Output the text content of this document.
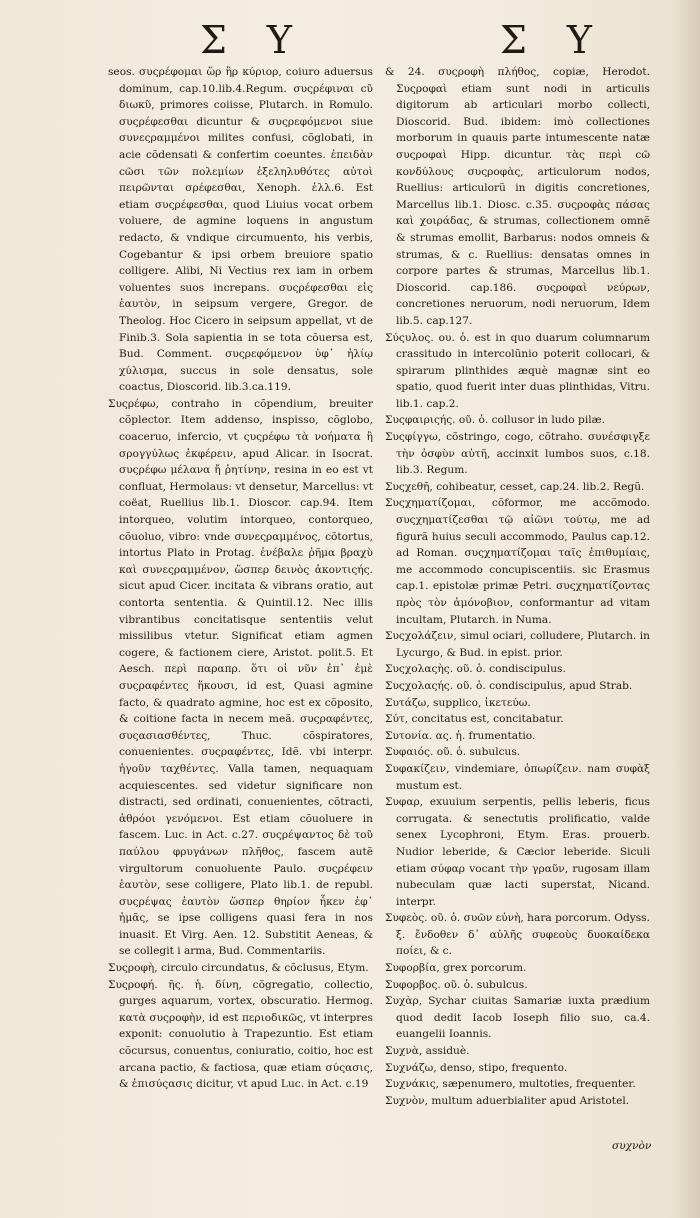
Σ Υ	Σ Υ

seos. συςρέφομαι ὥρ ἢρ κύριορ, coiuro aduersus dominum, cap.10.lib.4.Regum. συςρέφιναι cῦ διωκῦ, primores coiisse, Plutarch. in Romulo. συςρέφεσθαι dicuntur & συςρεφόμενοι siue συνεςραμμένοι milites confusi, cõglobati, in acie cõdensati & confertim coeuntes. ἐπειδὰν cῶσι τῶν πολεμίων ἐξεληλυθότες αὐτοὶ πειρῶνται σρέφεσθαι, Xenoph. ἑλλ.6. Est etiam συςρέφεσθαι, quod Liuius vocat orbem voluere, de agmine loquens in angustum redacto, & vndique circumuento, his verbis, Cogebantur & ipsi orbem breuiore spatio colligere. Alibi, Ni Vectius rex iam in orbem voluentes suos increpans. συςρέφεσθαι εἰς ἑαυτὸν, in seipsum vergere, Gregor. de Theolog. Hoc Cicero in seipsum appellat, vt de Finib.3. Sola sapientia in se tota cõuersa est, Bud. Comment. συςρεφόμενον ὑφ᾽ ἡλίῳ χύλισμα, succus in sole densatus, sole coactus, Dioscorid. lib.3.ca.119.

Συςρέφω, contraho in cõpendium, breuiter cõplector. Item addenso, inspisso, cõglobo, coaceruo, infercio, vt ςυςρέφω τὰ νοήματα ἢ σρογγύλως ἐκφέρειν, apud Alicar. in Isocrat. συςρέφω μέλανα ἤ ῥητίνην, resina in eo est vt confluat, Hermolaus: vt densetur, Marcellus: vt coëat, Ruellius lib.1. Dioscor. cap.94. Item intorqueo, volutim intorqueo, contorqueo, cõuoluo, vibro: vnde συνεςραμμένος, cõtortus, intortus Plato in Protag. ἐνέβαλε ῥῆμα βραχὺ καὶ συνεςραμμένον, ὥσπερ δεινὸς ἀκοντιςής. sicut apud Cicer. incitata & vibrans oratio, aut contorta sententia. & Quintil.12. Nec illis vibrantibus concitatisque sententiis velut missilibus vtetur. Significat etiam agmen cogere, & factionem ciere, Aristot. polit.5. Et Aesch. περὶ παραπρ. ὅτι οἱ νῦν ἐπ᾽ ἐμὲ συςραφέντες ἥκουσι, id est, Quasi agmine facto, & quadrato agmine, hoc est ex cõposito, & coitione facta in necem meã. συςραφέντες, συςασιασθέντες, Thuc. cõspiratores, conuenientes. συςραφέντες, Idẽ. vbi interpr. ἡγοῦν ταχθέντες. Valla tamen, nequaquam acquiescentes. sed videtur significare non distracti, sed ordinati, conuenientes, cõtracti, ἀθρόοι γενόμενοι. Est etiam cõuoluere in fascem. Luc. in Act. c.27. συςρέψαντος δὲ τοῦ παύλου φρυγάνων πλῆθος, fascem autẽ virgultorum conuoluente Paulo. συςρέφειν ἑαυτὸν, sese colligere, Plato lib.1. de republ. συςρέψας ἑαυτὸν ὥσπερ θηρίον ἧκεν ἐφ᾽ ἡμᾶς, se ipse colligens quasi fera in nos inuasit. Et Virg. Aen. 12. Substitit Aeneas, & se collegit i arma, Bud. Commentariis.

Συςροφὴ, circulo circundatus, & cõclusus, Etym.

Συςροφή. ῆς. ἡ. δίνη, cõgregatio, collectio, gurges aquarum, vortex, obscuratio. Hermog. κατὰ συςροφὴν, id est περιοδικῶς, vt interpres exponit: conuolutio à Trapezuntio. Est etiam cõcursus, conuentus, coniuratio, coitio, hoc est arcana pactio, & factiosa, quæ etiam σύςασις, & ἐπισύςασις dicitur, vt apud Luc. in Act. c.19

& 24. συςροφὴ πλήθος, copiæ, Herodot. Συςροφαὶ etiam sunt nodi in articulis digitorum ab articulari morbo collecti, Dioscorid. Bud. ibidem: imò collectiones morborum in quauis parte intumescente natæ συςροφαὶ Hipp. dicuntur. τὰς περὶ cῶ κονδύλους συςροφὰς, articulorum nodos, Ruellius: articulorũ in digitis concretiones, Marcellus lib.1. Diosc. c.35. συςροφὰς πάσας καὶ χοιράδας, & strumas, collectionem omnẽ & strumas emollit, Barbarus: nodos omneis & strumas, & c. Ruellius: densatas omnes in corpore partes & strumas, Marcellus lib.1. Dioscorid. cap.186. συςροφαὶ νεύρων, concretiones neruorum, nodi neruorum, Idem lib.5. cap.127.

Σύςυλος. ου. ὁ. est in quo duarum columnarum crassitudo in intercolũnio poterit collocari, & spirarum plinthides æquè magnæ sint eo spatio, quod fuerit inter duas plinthidas, Vitru. lib.1. cap.2.

Συςφαιριςής. οῦ. ὁ. collusor in ludo pilæ.

Συςφίγγω, cõstringo, cogo, cõtraho. συνέσφιγξε τὴν ὀσφὺν αὐτῆ, accinxit lumbos suos, c.18. lib.3. Regum.

Συςχεθῆ, cohibeatur, cesset, cap.24. lib.2. Regũ.

Συςχηματίζομαι, cõformor, me accõmodo. συςχηματίζεσθαι τῷ αἰῶνι τούτῳ, me ad figurã huius seculi accommodo, Paulus cap.12. ad Roman. συςχηματίζομαι ταῖς ἐπιθυμίαις, me accommodo concupiscentiis. sic Erasmus cap.1. epistolæ primæ Petri. συςχηματίζοντας πρὸς τὸν ἀμόνοβιον, conformantur ad vitam incultam, Plutarch. in Numa.

Συςχολάζειν, simul ociari, colludere, Plutarch. in Lycurgo, & Bud. in epist. prior.

Συςχολαςὴς. οῦ. ὁ. condiscipulus.

Συςχολαςής. οῦ. ὁ. condiscipulus, apud Strab.

Συτάζω, supplico, ἱκετεύω.

Σύτ, concitatus est, concitabatur.

Συτονία. ας. ἡ. frumentatio.

Συφαιός. οῦ. ὁ. subulcus.

Συφακίζειν, vindemiare, ὀπωρίζειν. nam συφὰξ mustum est.

Συφαρ, exuuium serpentis, pellis leberis, ficus corrugata. & senectutis prolificatio, valde senex Lycophroni, Etym. Eras. prouerb. Nudior leberide, & Cæcior leberide. Siculi etiam σύφαρ vocant τὴν γραῦν, rugosam illam nubeculam quæ lacti superstat, Nicand. interpr.

Συφεὸς. οῦ. ὁ. συῶν εὐνὴ, hara porcorum. Odyss. ξ. ἔνδοθεν δ᾽ αὐλῆς συφεοὺς δυοκαίδεκα ποίει, & c.

Συφορβία, grex porcorum.

Συφορβος. οῦ. ὁ. subulcus.

Συχὰρ, Sychar ciuitas Samariæ iuxta prædium quod dedit Iacob Ioseph filio suo, ca.4. euangelii Ioannis.

Συχνὰ, assiduè.

Συχνάζω, denso, stipo, frequento.

Συχνάκις, sæpenumero, multoties, frequenter.

Συχνὸν, multum aduerbialiter apud Aristotel.

συχνὸν
